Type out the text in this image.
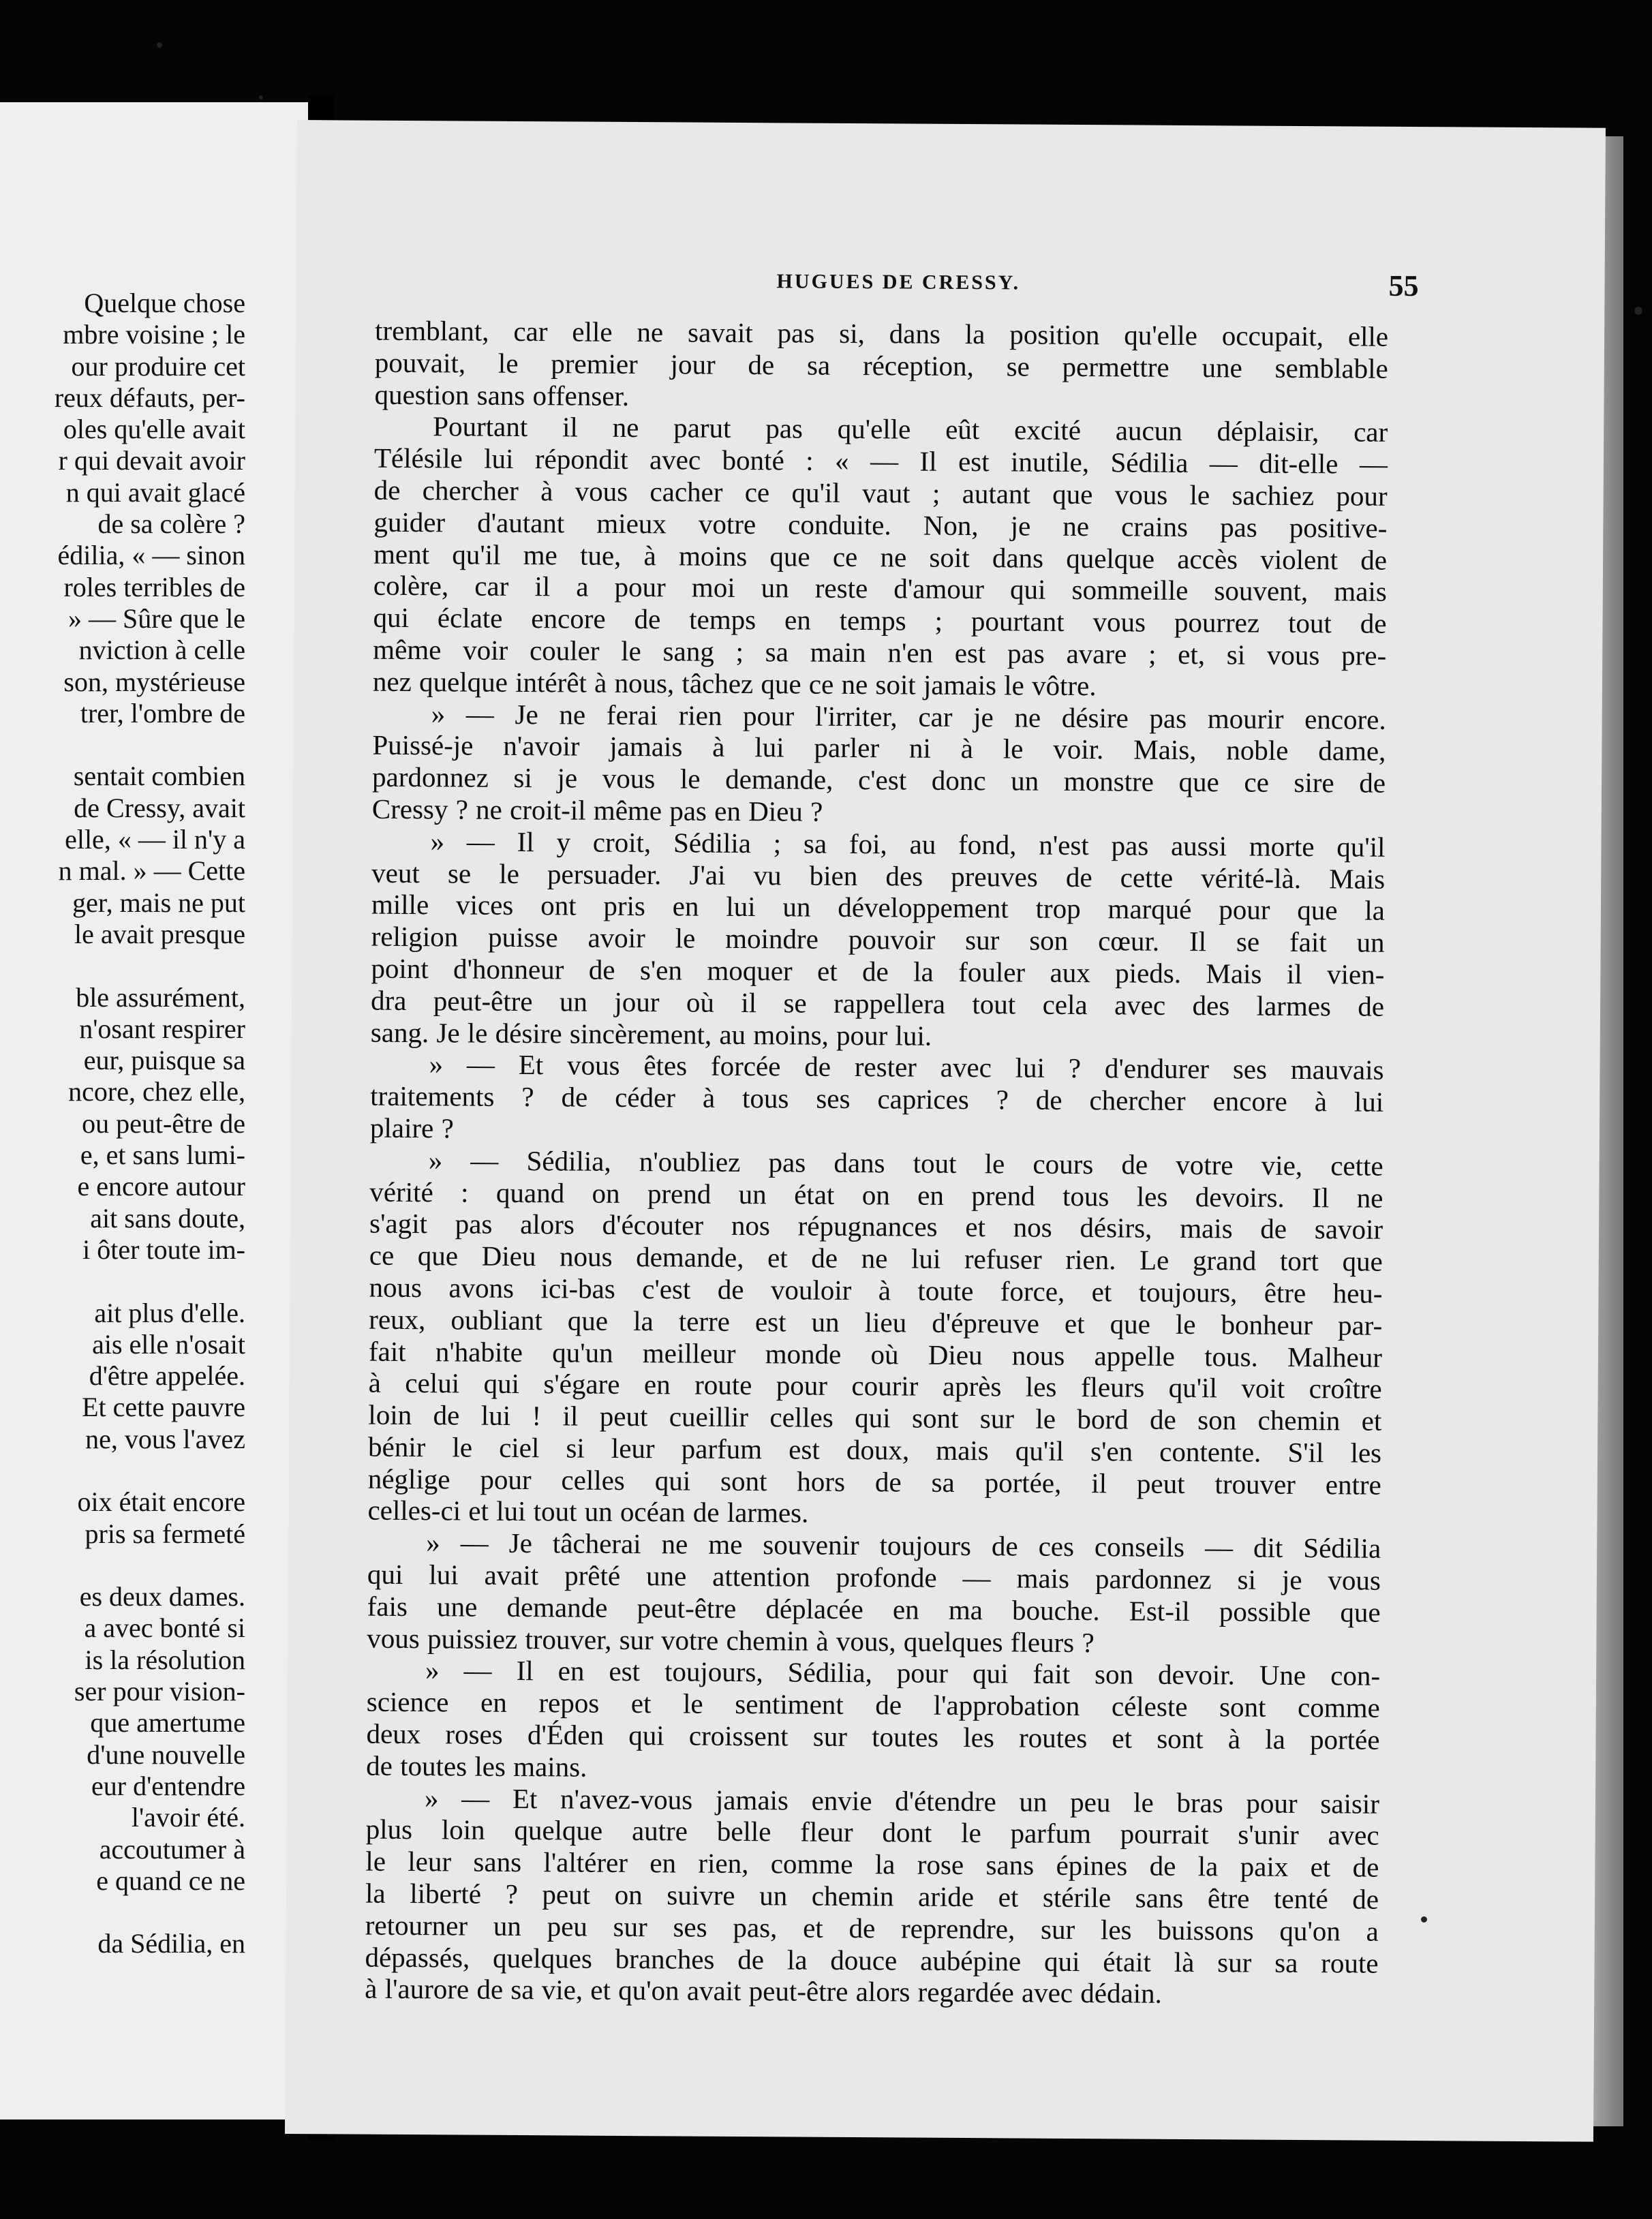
Quelque chose
mbre voisine ; le
our produire cet
reux défauts, per-
oles qu'elle avait
r qui devait avoir
n qui avait glacé
de sa colère ?
édilia, « — sinon
roles terribles de
» — Sûre que le
nviction à celle
son, mystérieuse
trer, l'ombre de
sentait combien
de Cressy, avait
elle, « — il n'y a
n mal. » — Cette
ger, mais ne put
le avait presque
ble assurément,
n'osant respirer
eur, puisque sa
ncore, chez elle,
ou peut-être de
e, et sans lumi-
e encore autour
ait sans doute,
i ôter toute im-
ait plus d'elle.
ais elle n'osait
d'être appelée.
Et cette pauvre
ne, vous l'avez
oix était encore
pris sa fermeté
es deux dames.
a avec bonté si
is la résolution
ser pour vision-
que amertume
d'une nouvelle
eur d'entendre
l'avoir été.
accoutumer à
e quand ce ne
da Sédilia, en
HUGUES DE CRESSY.	55
tremblant, car elle ne savait pas si, dans la position qu'elle occupait, elle
pouvait, le premier jour de sa réception, se permettre une semblable
question sans offenser.
Pourtant il ne parut pas qu'elle eût excité aucun déplaisir, car
Télésile lui répondit avec bonté : « — Il est inutile, Sédilia — dit-elle —
de chercher à vous cacher ce qu'il vaut ; autant que vous le sachiez pour
guider d'autant mieux votre conduite. Non, je ne crains pas positive-
ment qu'il me tue, à moins que ce ne soit dans quelque accès violent de
colère, car il a pour moi un reste d'amour qui sommeille souvent, mais
qui éclate encore de temps en temps ; pourtant vous pourrez tout de
même voir couler le sang ; sa main n'en est pas avare ; et, si vous pre-
nez quelque intérêt à nous, tâchez que ce ne soit jamais le vôtre.
» — Je ne ferai rien pour l'irriter, car je ne désire pas mourir encore.
Puissé-je n'avoir jamais à lui parler ni à le voir. Mais, noble dame,
pardonnez si je vous le demande, c'est donc un monstre que ce sire de
Cressy ? ne croit-il même pas en Dieu ?
» — Il y croit, Sédilia ; sa foi, au fond, n'est pas aussi morte qu'il
veut se le persuader. J'ai vu bien des preuves de cette vérité-là. Mais
mille vices ont pris en lui un développement trop marqué pour que la
religion puisse avoir le moindre pouvoir sur son cœur. Il se fait un
point d'honneur de s'en moquer et de la fouler aux pieds. Mais il vien-
dra peut-être un jour où il se rappellera tout cela avec des larmes de
sang. Je le désire sincèrement, au moins, pour lui.
» — Et vous êtes forcée de rester avec lui ? d'endurer ses mauvais
traitements ? de céder à tous ses caprices ? de chercher encore à lui
plaire ?
» — Sédilia, n'oubliez pas dans tout le cours de votre vie, cette
vérité : quand on prend un état on en prend tous les devoirs. Il ne
s'agit pas alors d'écouter nos répugnances et nos désirs, mais de savoir
ce que Dieu nous demande, et de ne lui refuser rien. Le grand tort que
nous avons ici-bas c'est de vouloir à toute force, et toujours, être heu-
reux, oubliant que la terre est un lieu d'épreuve et que le bonheur par-
fait n'habite qu'un meilleur monde où Dieu nous appelle tous. Malheur
à celui qui s'égare en route pour courir après les fleurs qu'il voit croître
loin de lui ! il peut cueillir celles qui sont sur le bord de son chemin et
bénir le ciel si leur parfum est doux, mais qu'il s'en contente. S'il les
néglige pour celles qui sont hors de sa portée, il peut trouver entre
celles-ci et lui tout un océan de larmes.
» — Je tâcherai ne me souvenir toujours de ces conseils — dit Sédilia
qui lui avait prêté une attention profonde — mais pardonnez si je vous
fais une demande peut-être déplacée en ma bouche. Est-il possible que
vous puissiez trouver, sur votre chemin à vous, quelques fleurs ?
» — Il en est toujours, Sédilia, pour qui fait son devoir. Une con-
science en repos et le sentiment de l'approbation céleste sont comme
deux roses d'Éden qui croissent sur toutes les routes et sont à la portée
de toutes les mains.
» — Et n'avez-vous jamais envie d'étendre un peu le bras pour saisir
plus loin quelque autre belle fleur dont le parfum pourrait s'unir avec
le leur sans l'altérer en rien, comme la rose sans épines de la paix et de
la liberté ? peut on suivre un chemin aride et stérile sans être tenté de
retourner un peu sur ses pas, et de reprendre, sur les buissons qu'on a
dépassés, quelques branches de la douce aubépine qui était là sur sa route
à l'aurore de sa vie, et qu'on avait peut-être alors regardée avec dédain.
